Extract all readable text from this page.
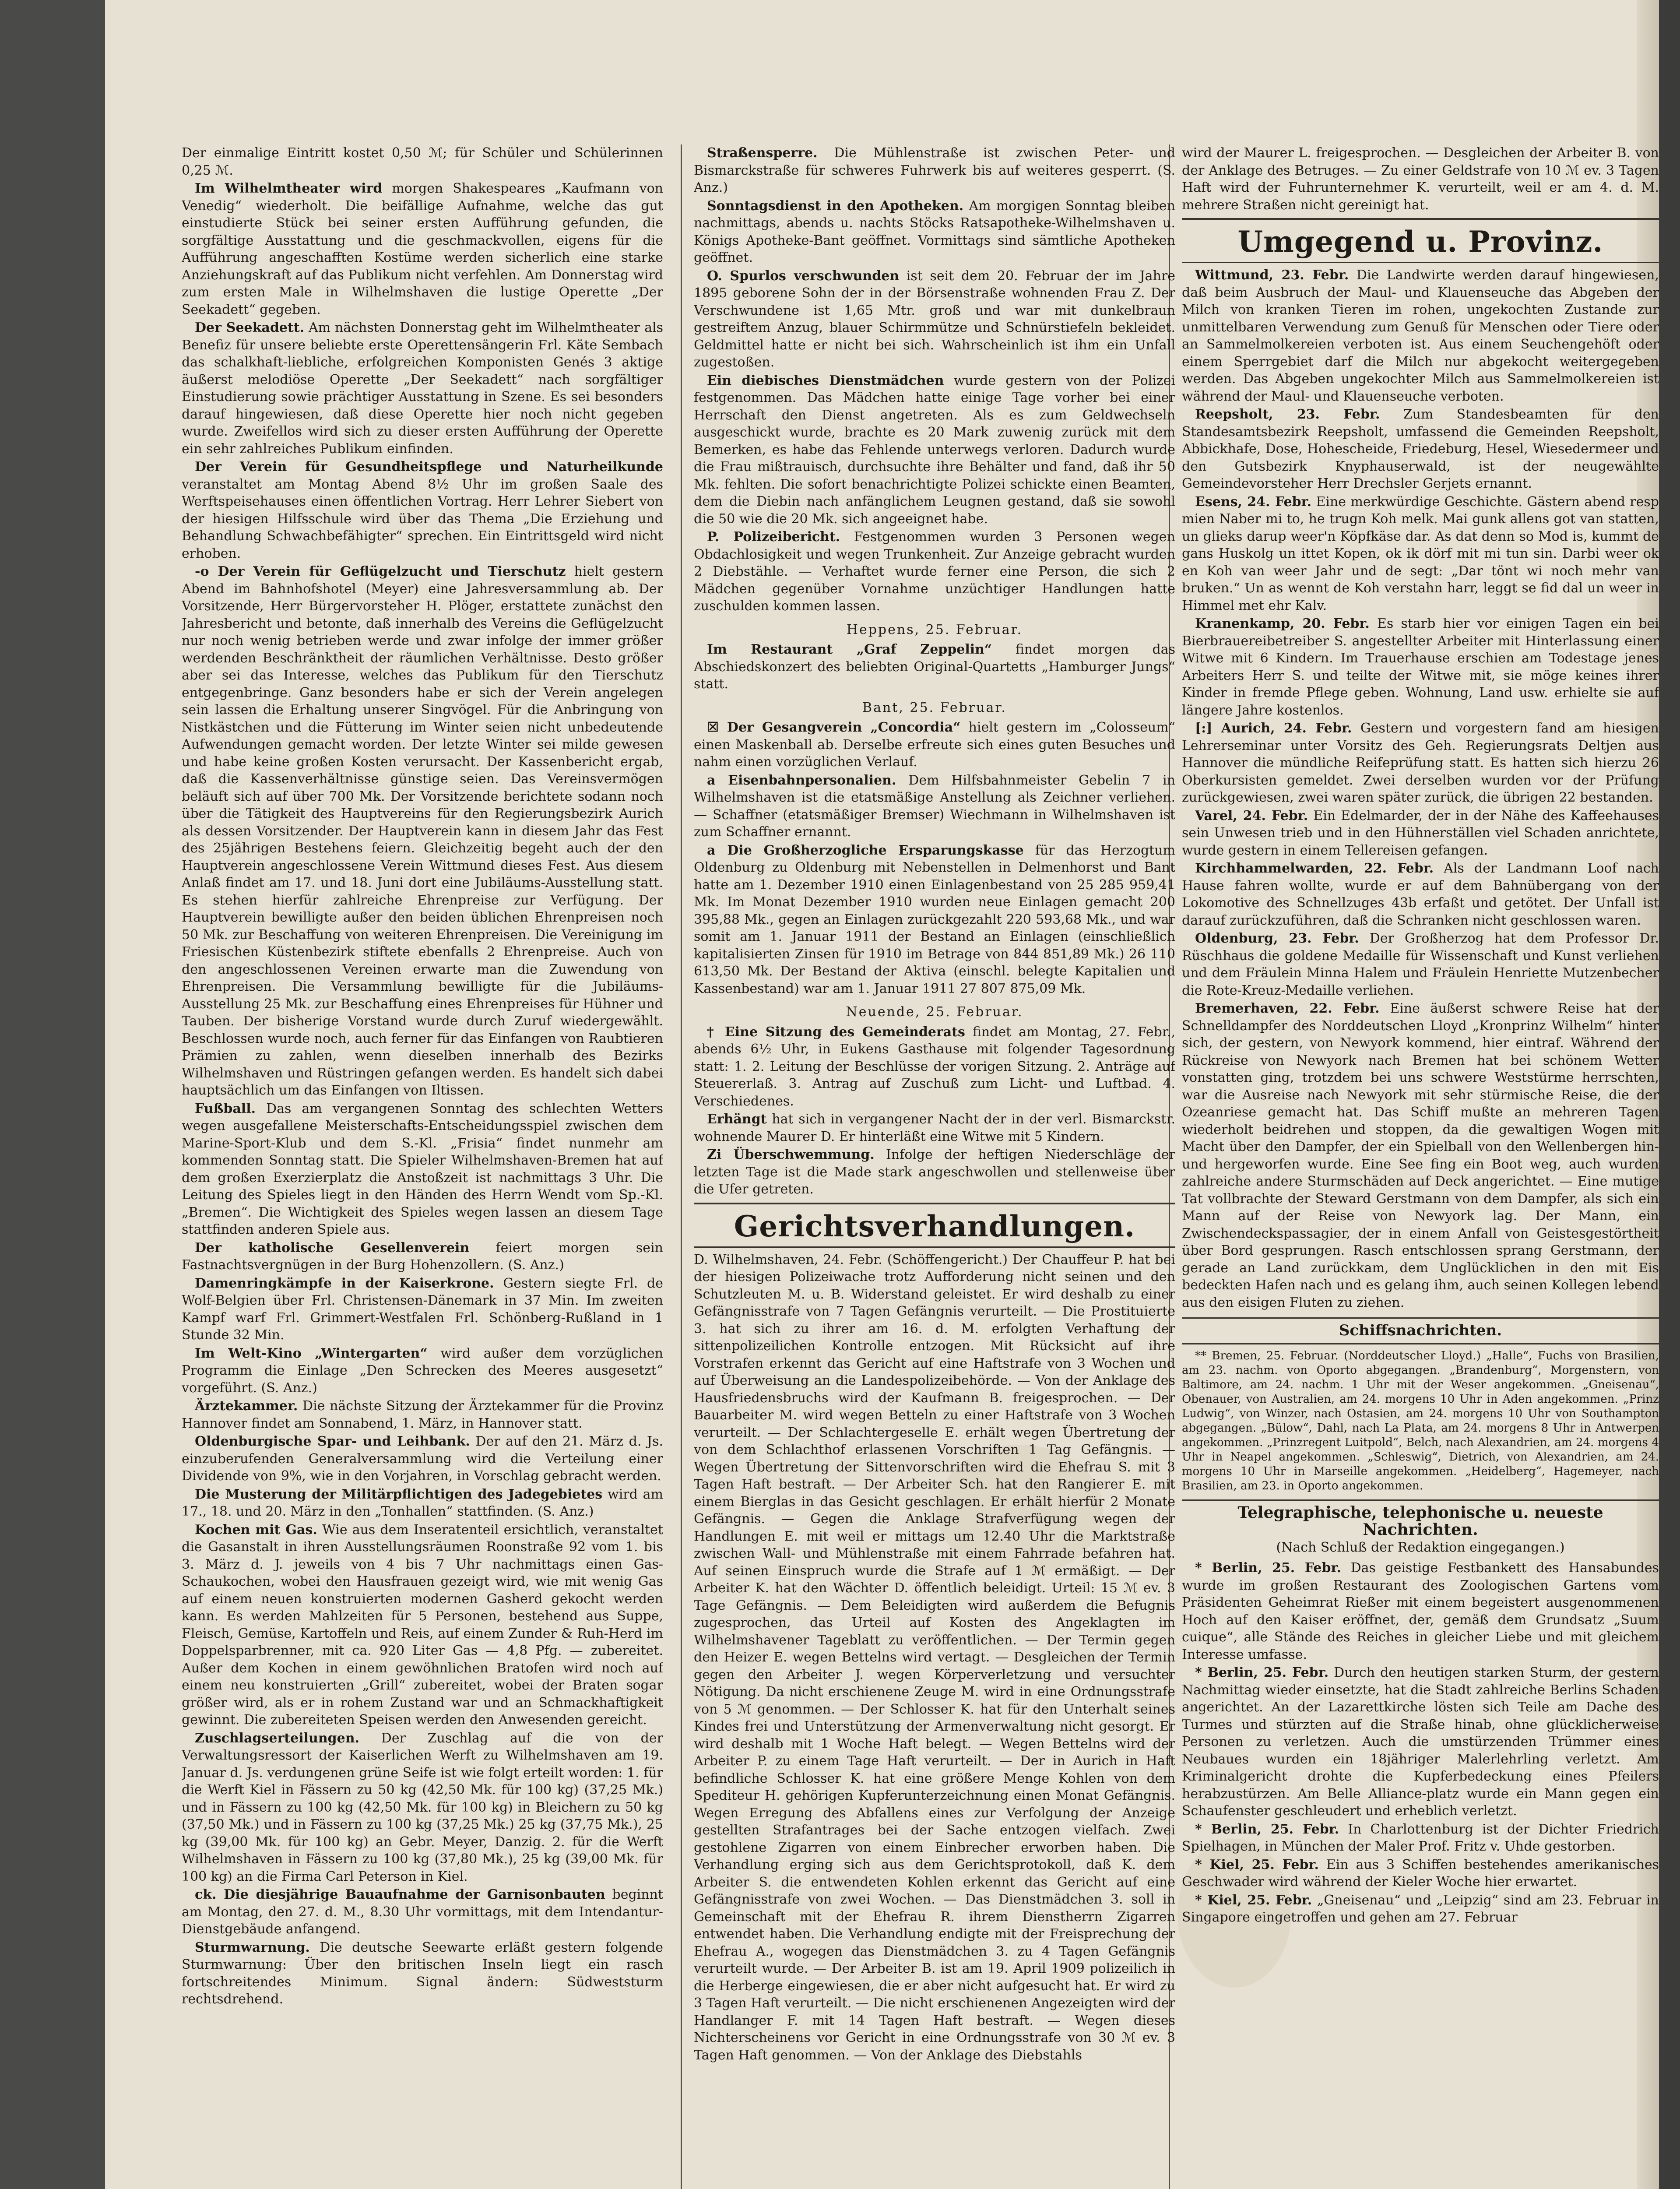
Der einmalige Eintritt kostet 0,50 ℳ; für Schüler und Schülerinnen 0,25 ℳ.

Im Wilhelmtheater wird morgen Shakespeares „Kaufmann von Venedig“ wiederholt. Die beifällige Aufnahme, welche das gut einstudierte Stück bei seiner ersten Aufführung gefunden, die sorgfältige Ausstattung und die geschmackvollen, eigens für die Aufführung angeschafften Kostüme werden sicherlich eine starke Anziehungskraft auf das Publikum nicht verfehlen. Am Donnerstag wird zum ersten Male in Wilhelmshaven die lustige Operette „Der Seekadett“ gegeben.

Der Seekadett. Am nächsten Donnerstag geht im Wilhelmtheater als Benefiz für unsere beliebte erste Operettensängerin Frl. Käte Sembach das schalkhaft-liebliche, erfolgreichen Komponisten Genés 3 aktige äußerst melodiöse Operette „Der Seekadett“ nach sorgfältiger Einstudierung sowie prächtiger Ausstattung in Szene. Es sei besonders darauf hingewiesen, daß diese Operette hier noch nicht gegeben wurde. Zweifellos wird sich zu dieser ersten Aufführung der Operette ein sehr zahlreiches Publikum einfinden.

Der Verein für Gesundheitspflege und Naturheilkunde veranstaltet am Montag Abend 8½ Uhr im großen Saale des Werftspeisehauses einen öffentlichen Vortrag. Herr Lehrer Siebert von der hiesigen Hilfsschule wird über das Thema „Die Erziehung und Behandlung Schwachbefähigter“ sprechen. Ein Eintrittsgeld wird nicht erhoben.

-o Der Verein für Geflügelzucht und Tierschutz hielt gestern Abend im Bahnhofshotel (Meyer) eine Jahresversammlung ab. Der Vorsitzende, Herr Bürgervorsteher H. Plöger, erstattete zunächst den Jahresbericht und betonte, daß innerhalb des Vereins die Geflügelzucht nur noch wenig betrieben werde und zwar infolge der immer größer werdenden Beschränktheit der räumlichen Verhältnisse. Desto größer aber sei das Interesse, welches das Publikum für den Tierschutz entgegenbringe. Ganz besonders habe er sich der Verein angelegen sein lassen die Erhaltung unserer Singvögel. Für die Anbringung von Nistkästchen und die Fütterung im Winter seien nicht unbedeutende Aufwendungen gemacht worden. Der letzte Winter sei milde gewesen und habe keine großen Kosten verursacht. Der Kassenbericht ergab, daß die Kassenverhältnisse günstige seien. Das Vereinsvermögen beläuft sich auf über 700 Mk. Der Vorsitzende berichtete sodann noch über die Tätigkeit des Hauptvereins für den Regierungsbezirk Aurich als dessen Vorsitzender. Der Hauptverein kann in diesem Jahr das Fest des 25jährigen Bestehens feiern. Gleichzeitig begeht auch der den Hauptverein angeschlossene Verein Wittmund dieses Fest. Aus diesem Anlaß findet am 17. und 18. Juni dort eine Jubiläums-Ausstellung statt. Es stehen hierfür zahlreiche Ehrenpreise zur Verfügung. Der Hauptverein bewilligte außer den beiden üblichen Ehrenpreisen noch 50 Mk. zur Beschaffung von weiteren Ehrenpreisen. Die Vereinigung im Friesischen Küstenbezirk stiftete ebenfalls 2 Ehrenpreise. Auch von den angeschlossenen Vereinen erwarte man die Zuwendung von Ehrenpreisen. Die Versammlung bewilligte für die Jubiläums-Ausstellung 25 Mk. zur Beschaffung eines Ehrenpreises für Hühner und Tauben. Der bisherige Vorstand wurde durch Zuruf wiedergewählt. Beschlossen wurde noch, auch ferner für das Einfangen von Raubtieren Prämien zu zahlen, wenn dieselben innerhalb des Bezirks Wilhelmshaven und Rüstringen gefangen werden. Es handelt sich dabei hauptsächlich um das Einfangen von Iltissen.

Fußball. Das am vergangenen Sonntag des schlechten Wetters wegen ausgefallene Meisterschafts-Entscheidungsspiel zwischen dem Marine-Sport-Klub und dem S.-Kl. „Frisia“ findet nunmehr am kommenden Sonntag statt. Die Spieler Wilhelmshaven-Bremen hat auf dem großen Exerzierplatz die Anstoßzeit ist nachmittags 3 Uhr. Die Leitung des Spieles liegt in den Händen des Herrn Wendt vom Sp.-Kl. „Bremen“. Die Wichtigkeit des Spieles wegen lassen an diesem Tage stattfinden anderen Spiele aus.

Der katholische Gesellenverein feiert morgen sein Fastnachtsvergnügen in der Burg Hohenzollern. (S. Anz.)

Damenringkämpfe in der Kaiserkrone. Gestern siegte Frl. de Wolf-Belgien über Frl. Christensen-Dänemark in 37 Min. Im zweiten Kampf warf Frl. Grimmert-Westfalen Frl. Schönberg-Rußland in 1 Stunde 32 Min.

Im Welt-Kino „Wintergarten“ wird außer dem vorzüglichen Programm die Einlage „Den Schrecken des Meeres ausgesetzt“ vorgeführt. (S. Anz.)

Ärztekammer. Die nächste Sitzung der Ärztekammer für die Provinz Hannover findet am Sonnabend, 1. März, in Hannover statt.

Oldenburgische Spar- und Leihbank. Der auf den 21. März d. Js. einzuberufenden Generalversammlung wird die Verteilung einer Dividende von 9%, wie in den Vorjahren, in Vorschlag gebracht werden.

Die Musterung der Militärpflichtigen des Jadegebietes wird am 17., 18. und 20. März in den „Tonhallen“ stattfinden. (S. Anz.)

Kochen mit Gas. Wie aus dem Inseratenteil ersichtlich, veranstaltet die Gasanstalt in ihren Ausstellungsräumen Roonstraße 92 vom 1. bis 3. März d. J. jeweils von 4 bis 7 Uhr nachmittags einen Gas-Schaukochen, wobei den Hausfrauen gezeigt wird, wie mit wenig Gas auf einem neuen konstruierten modernen Gasherd gekocht werden kann. Es werden Mahlzeiten für 5 Personen, bestehend aus Suppe, Fleisch, Gemüse, Kartoffeln und Reis, auf einem Zunder & Ruh-Herd im Doppelsparbrenner, mit ca. 920 Liter Gas — 4,8 Pfg. — zubereitet. Außer dem Kochen in einem gewöhnlichen Bratofen wird noch auf einem neu konstruierten „Grill“ zubereitet, wobei der Braten sogar größer wird, als er in rohem Zustand war und an Schmackhaftigkeit gewinnt. Die zubereiteten Speisen werden den Anwesenden gereicht.

Zuschlagserteilungen. Der Zuschlag auf die von der Verwaltungsressort der Kaiserlichen Werft zu Wilhelmshaven am 19. Januar d. Js. verdungenen grüne Seife ist wie folgt erteilt worden: 1. für die Werft Kiel in Fässern zu 50 kg (42,50 Mk. für 100 kg) (37,25 Mk.) und in Fässern zu 100 kg (42,50 Mk. für 100 kg) in Bleichern zu 50 kg (37,50 Mk.) und in Fässern zu 100 kg (37,25 Mk.) 25 kg (37,75 Mk.), 25 kg (39,00 Mk. für 100 kg) an Gebr. Meyer, Danzig. 2. für die Werft Wilhelmshaven in Fässern zu 100 kg (37,80 Mk.), 25 kg (39,00 Mk. für 100 kg) an die Firma Carl Peterson in Kiel.

ck. Die diesjährige Bauaufnahme der Garnisonbauten beginnt am Montag, den 27. d. M., 8.30 Uhr vormittags, mit dem Intendantur-Dienstgebäude anfangend.

Sturmwarnung. Die deutsche Seewarte erläßt gestern folgende Sturmwarnung: Über den britischen Inseln liegt ein rasch fortschreitendes Minimum. Signal ändern: Südweststurm rechtsdrehend.

Straßensperre. Die Mühlenstraße ist zwischen Peter- und Bismarckstraße für schweres Fuhrwerk bis auf weiteres gesperrt. (S. Anz.)

Sonntagsdienst in den Apotheken. Am morgigen Sonntag bleiben nachmittags, abends u. nachts Stöcks Ratsapotheke-Wilhelmshaven u. Königs Apotheke-Bant geöffnet. Vormittags sind sämtliche Apotheken geöffnet.

O. Spurlos verschwunden ist seit dem 20. Februar der im Jahre 1895 geborene Sohn der in der Börsenstraße wohnenden Frau Z. Der Verschwundene ist 1,65 Mtr. groß und war mit dunkelbraun gestreiftem Anzug, blauer Schirmmütze und Schnürstiefeln bekleidet. Geldmittel hatte er nicht bei sich. Wahrscheinlich ist ihm ein Unfall zugestoßen.

Ein diebisches Dienstmädchen wurde gestern von der Polizei festgenommen. Das Mädchen hatte einige Tage vorher bei einer Herrschaft den Dienst angetreten. Als es zum Geldwechseln ausgeschickt wurde, brachte es 20 Mark zuwenig zurück mit dem Bemerken, es habe das Fehlende unterwegs verloren. Dadurch wurde die Frau mißtrauisch, durchsuchte ihre Behälter und fand, daß ihr 50 Mk. fehlten. Die sofort benachrichtigte Polizei schickte einen Beamten, dem die Diebin nach anfänglichem Leugnen gestand, daß sie sowohl die 50 wie die 20 Mk. sich angeeignet habe.

P. Polizeibericht. Festgenommen wurden 3 Personen wegen Obdachlosigkeit und wegen Trunkenheit. Zur Anzeige gebracht wurden 2 Diebstähle. — Verhaftet wurde ferner eine Person, die sich 2 Mädchen gegenüber Vornahme unzüchtiger Handlungen hatte zuschulden kommen lassen.

Heppens, 25. Februar.

Im Restaurant „Graf Zeppelin“ findet morgen das Abschiedskonzert des beliebten Original-Quartetts „Hamburger Jungs“ statt.

Bant, 25. Februar.

☒ Der Gesangverein „Concordia“ hielt gestern im „Colosseum“ einen Maskenball ab. Derselbe erfreute sich eines guten Besuches und nahm einen vorzüglichen Verlauf.

a Eisenbahnpersonalien. Dem Hilfsbahnmeister Gebelin 7 in Wilhelmshaven ist die etatsmäßige Anstellung als Zeichner verliehen. — Schaffner (etatsmäßiger Bremser) Wiechmann in Wilhelmshaven ist zum Schaffner ernannt.

a Die Großherzogliche Ersparungskasse für das Herzogtum Oldenburg zu Oldenburg mit Nebenstellen in Delmenhorst und Bant hatte am 1. Dezember 1910 einen Einlagenbestand von 25 285 959,41 Mk. Im Monat Dezember 1910 wurden neue Einlagen gemacht 200 395,88 Mk., gegen an Einlagen zurückgezahlt 220 593,68 Mk., und war somit am 1. Januar 1911 der Bestand an Einlagen (einschließlich kapitalisierten Zinsen für 1910 im Betrage von 844 851,89 Mk.) 26 110 613,50 Mk. Der Bestand der Aktiva (einschl. belegte Kapitalien und Kassenbestand) war am 1. Januar 1911 27 807 875,09 Mk.

Neuende, 25. Februar.

† Eine Sitzung des Gemeinderats findet am Montag, 27. Febr., abends 6½ Uhr, in Eukens Gasthause mit folgender Tagesordnung statt: 1. 2. Leitung der Beschlüsse der vorigen Sitzung. 2. Anträge auf Steuererlaß. 3. Antrag auf Zuschuß zum Licht- und Luftbad. 4. Verschiedenes.

Erhängt hat sich in vergangener Nacht der in der verl. Bismarckstr. wohnende Maurer D. Er hinterläßt eine Witwe mit 5 Kindern.

Zi Überschwemmung. Infolge der heftigen Niederschläge der letzten Tage ist die Made stark angeschwollen und stellenweise über die Ufer getreten.

Gerichtsverhandlungen.

D. Wilhelmshaven, 24. Febr. (Schöffengericht.) Der Chauffeur P. hat bei der hiesigen Polizeiwache trotz Aufforderung nicht seinen und den Schutzleuten M. u. B. Widerstand geleistet. Er wird deshalb zu einer Gefängnisstrafe von 7 Tagen Gefängnis verurteilt. — Die Prostituierte 3. hat sich zu ihrer am 16. d. M. erfolgten Verhaftung der sittenpolizeilichen Kontrolle entzogen. Mit Rücksicht auf ihre Vorstrafen erkennt das Gericht auf eine Haftstrafe von 3 Wochen und auf Überweisung an die Landespolizeibehörde. — Von der Anklage des Hausfriedensbruchs wird der Kaufmann B. freigesprochen. — Der Bauarbeiter M. wird wegen Betteln zu einer Haftstrafe von 3 Wochen verurteilt. — Der Schlachtergeselle E. erhält wegen Übertretung der von dem Schlachthof erlassenen Vorschriften 1 Tag Gefängnis. — Wegen Übertretung der Sittenvorschriften wird die Ehefrau S. mit 3 Tagen Haft bestraft. — Der Arbeiter Sch. hat den Rangierer E. mit einem Bierglas in das Gesicht geschlagen. Er erhält hierfür 2 Monate Gefängnis. — Gegen die Anklage Strafverfügung wegen der Handlungen E. mit weil er mittags um 12.40 Uhr die Marktstraße zwischen Wall- und Mühlenstraße mit einem Fahrrade befahren hat. Auf seinen Einspruch wurde die Strafe auf 1 ℳ ermäßigt. — Der Arbeiter K. hat den Wächter D. öffentlich beleidigt. Urteil: 15 ℳ ev. 3 Tage Gefängnis. — Dem Beleidigten wird außerdem die Befugnis zugesprochen, das Urteil auf Kosten des Angeklagten im Wilhelmshavener Tageblatt zu veröffentlichen. — Der Termin gegen den Heizer E. wegen Bettelns wird vertagt. — Desgleichen der Termin gegen den Arbeiter J. wegen Körperverletzung und versuchter Nötigung. Da nicht erschienene Zeuge M. wird in eine Ordnungsstrafe von 5 ℳ genommen. — Der Schlosser K. hat für den Unterhalt seines Kindes frei und Unterstützung der Armenverwaltung nicht gesorgt. Er wird deshalb mit 1 Woche Haft belegt. — Wegen Bettelns wird der Arbeiter P. zu einem Tage Haft verurteilt. — Der in Aurich in Haft befindliche Schlosser K. hat eine größere Menge Kohlen von dem Spediteur H. gehörigen Kupferunterzeichnung einen Monat Gefängnis. Wegen Erregung des Abfallens eines zur Verfolgung der Anzeige gestellten Strafantrages bei der Sache entzogen vielfach. Zwei gestohlene Zigarren von einem Einbrecher erworben haben. Die Verhandlung erging sich aus dem Gerichtsprotokoll, daß K. dem Arbeiter S. die entwendeten Kohlen erkennt das Gericht auf eine Gefängnisstrafe von zwei Wochen. — Das Dienstmädchen 3. soll in Gemeinschaft mit der Ehefrau R. ihrem Dienstherrn Zigarren entwendet haben. Die Verhandlung endigte mit der Freisprechung der Ehefrau A., wogegen das Dienstmädchen 3. zu 4 Tagen Gefängnis verurteilt wurde. — Der Arbeiter B. ist am 19. April 1909 polizeilich in die Herberge eingewiesen, die er aber nicht aufgesucht hat. Er wird zu 3 Tagen Haft verurteilt. — Die nicht erschienenen Angezeigten wird der Handlanger F. mit 14 Tagen Haft bestraft. — Wegen dieses Nichterscheinens vor Gericht in eine Ordnungsstrafe von 30 ℳ ev. 3 Tagen Haft genommen. — Von der Anklage des Diebstahls

wird der Maurer L. freigesprochen. — Desgleichen der Arbeiter B. von der Anklage des Betruges. — Zu einer Geldstrafe von 10 ℳ ev. 3 Tagen Haft wird der Fuhrunternehmer K. verurteilt, weil er am 4. d. M. mehrere Straßen nicht gereinigt hat.

Umgegend u. Provinz.

Wittmund, 23. Febr. Die Landwirte werden darauf hingewiesen, daß beim Ausbruch der Maul- und Klauenseuche das Abgeben der Milch von kranken Tieren im rohen, ungekochten Zustande zur unmittelbaren Verwendung zum Genuß für Menschen oder Tiere oder an Sammelmolkereien verboten ist. Aus einem Seuchengehöft oder einem Sperrgebiet darf die Milch nur abgekocht weitergegeben werden. Das Abgeben ungekochter Milch aus Sammelmolkereien ist während der Maul- und Klauenseuche verboten.

Reepsholt, 23. Febr. Zum Standesbeamten für den Standesamtsbezirk Reepsholt, umfassend die Gemeinden Reepsholt, Abbickhafe, Dose, Hohescheide, Friedeburg, Hesel, Wiesedermeer und den Gutsbezirk Knyphauserwald, ist der neugewählte Gemeindevorsteher Herr Drechsler Gerjets ernannt.

Esens, 24. Febr. Eine merkwürdige Geschichte. Gästern abend resp mien Naber mi to, he trugn Koh melk. Mai gunk allens got van statten, un glieks darup weer'n Köpfkäse dar. As dat denn so Mod is, kummt de gans Huskolg un ittet Kopen, ok ik dörf mit mi tun sin. Darbi weer ok en Koh van weer Jahr und de segt: „Dar tönt wi noch mehr van bruken.“ Un as wennt de Koh verstahn harr, leggt se fid dal un weer in Himmel met ehr Kalv.

Kranenkamp, 20. Febr. Es starb hier vor einigen Tagen ein bei Bierbrauereibetreiber S. angestellter Arbeiter mit Hinterlassung einer Witwe mit 6 Kindern. Im Trauerhause erschien am Todestage jenes Arbeiters Herr S. und teilte der Witwe mit, sie möge keines ihrer Kinder in fremde Pflege geben. Wohnung, Land usw. erhielte sie auf längere Jahre kostenlos.

[:] Aurich, 24. Febr. Gestern und vorgestern fand am hiesigen Lehrerseminar unter Vorsitz des Geh. Regierungsrats Deltjen aus Hannover die mündliche Reifeprüfung statt. Es hatten sich hierzu 26 Oberkursisten gemeldet. Zwei derselben wurden vor der Prüfung zurückgewiesen, zwei waren später zurück, die übrigen 22 bestanden.

Varel, 24. Febr. Ein Edelmarder, der in der Nähe des Kaffeehauses sein Unwesen trieb und in den Hühnerställen viel Schaden anrichtete, wurde gestern in einem Tellereisen gefangen.

Kirchhammelwarden, 22. Febr. Als der Landmann Loof nach Hause fahren wollte, wurde er auf dem Bahnübergang von der Lokomotive des Schnellzuges 43b erfaßt und getötet. Der Unfall ist darauf zurückzuführen, daß die Schranken nicht geschlossen waren.

Oldenburg, 23. Febr. Der Großherzog hat dem Professor Dr. Rüschhaus die goldene Medaille für Wissenschaft und Kunst verliehen und dem Fräulein Minna Halem und Fräulein Henriette Mutzenbecher die Rote-Kreuz-Medaille verliehen.

Bremerhaven, 22. Febr. Eine äußerst schwere Reise hat der Schnelldampfer des Norddeutschen Lloyd „Kronprinz Wilhelm“ hinter sich, der gestern, von Newyork kommend, hier eintraf. Während der Rückreise von Newyork nach Bremen hat bei schönem Wetter vonstatten ging, trotzdem bei uns schwere Weststürme herrschten, war die Ausreise nach Newyork mit sehr stürmische Reise, die der Ozeanriese gemacht hat. Das Schiff mußte an mehreren Tagen wiederholt beidrehen und stoppen, da die gewaltigen Wogen mit Macht über den Dampfer, der ein Spielball von den Wellenbergen hin- und hergeworfen wurde. Eine See fing ein Boot weg, auch wurden zahlreiche andere Sturmschäden auf Deck angerichtet. — Eine mutige Tat vollbrachte der Steward Gerstmann von dem Dampfer, als sich ein Mann auf der Reise von Newyork lag. Der Mann, ein Zwischendeckspassagier, der in einem Anfall von Geistesgestörtheit über Bord gesprungen. Rasch entschlossen sprang Gerstmann, der gerade an Land zurückkam, dem Unglücklichen in den mit Eis bedeckten Hafen nach und es gelang ihm, auch seinen Kollegen lebend aus den eisigen Fluten zu ziehen.

Schiffsnachrichten.

** Bremen, 25. Februar. (Norddeutscher Lloyd.) „Halle“, Fuchs von Brasilien, am 23. nachm. von Oporto abgegangen. „Brandenburg“, Morgenstern, von Baltimore, am 24. nachm. 1 Uhr mit der Weser angekommen. „Gneisenau“, Obenauer, von Australien, am 24. morgens 10 Uhr in Aden angekommen. „Prinz Ludwig“, von Winzer, nach Ostasien, am 24. morgens 10 Uhr von Southampton abgegangen. „Bülow“, Dahl, nach La Plata, am 24. morgens 8 Uhr in Antwerpen angekommen. „Prinzregent Luitpold“, Belch, nach Alexandrien, am 24. morgens 4 Uhr in Neapel angekommen. „Schleswig“, Dietrich, von Alexandrien, am 24. morgens 10 Uhr in Marseille angekommen. „Heidelberg“, Hagemeyer, nach Brasilien, am 23. in Oporto angekommen.

Telegraphische, telephonische u. neueste Nachrichten.
(Nach Schluß der Redaktion eingegangen.)

* Berlin, 25. Febr. Das geistige Festbankett des Hansabundes wurde im großen Restaurant des Zoologischen Gartens vom Präsidenten Geheimrat Rießer mit einem begeistert ausgenommenen Hoch auf den Kaiser eröffnet, der, gemäß dem Grundsatz „Suum cuique“, alle Stände des Reiches in gleicher Liebe und mit gleichem Interesse umfasse.

* Berlin, 25. Febr. Durch den heutigen starken Sturm, der gestern Nachmittag wieder einsetzte, hat die Stadt zahlreiche Berlins Schaden angerichtet. An der Lazarettkirche lösten sich Teile am Dache des Turmes und stürzten auf die Straße hinab, ohne glücklicherweise Personen zu verletzen. Auch die umstürzenden Trümmer eines Neubaues wurden ein 18jähriger Malerlehrling verletzt. Am Kriminalgericht drohte die Kupferbedeckung eines Pfeilers herabzustürzen. Am Belle Alliance-platz wurde ein Mann gegen ein Schaufenster geschleudert und erheblich verletzt.

* Berlin, 25. Febr. In Charlottenburg ist der Dichter Friedrich Spielhagen, in München der Maler Prof. Fritz v. Uhde gestorben.

* Kiel, 25. Febr. Ein aus 3 Schiffen bestehendes amerikanisches Geschwader wird während der Kieler Woche hier erwartet.

* Kiel, 25. Febr. „Gneisenau“ und „Leipzig“ sind am 23. Februar in Singapore eingetroffen und gehen am 27. Februar
